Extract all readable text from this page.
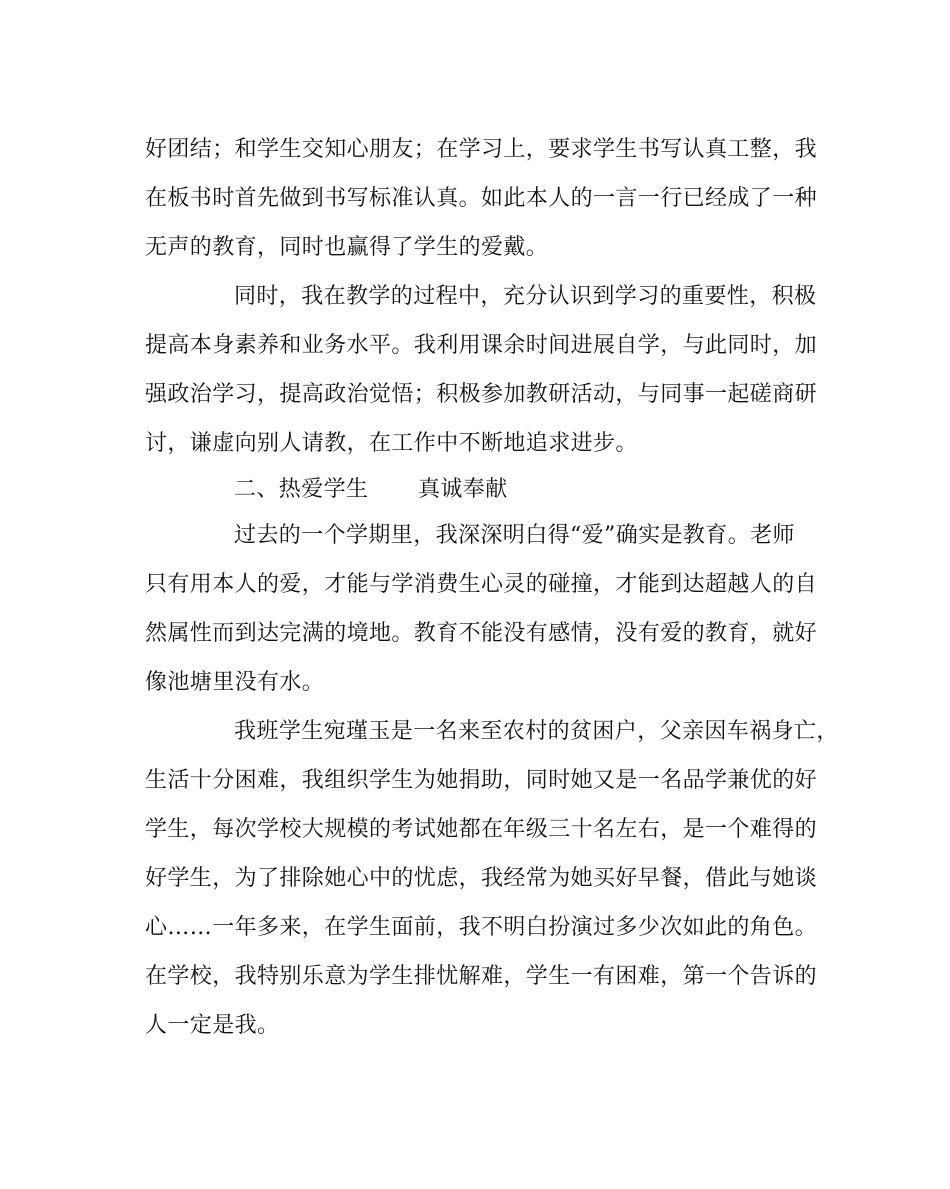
好团结；和学生交知心朋友；在学习上，要求学生书写认真工整，我
在板书时首先做到书写标准认真。如此本人的一言一行已经成了一种
无声的教育，同时也赢得了学生的爱戴。
同时，我在教学的过程中，充分认识到学习的重要性，积极
提高本身素养和业务水平。我利用课余时间进展自学，与此同时，加
强政治学习，提高政治觉悟；积极参加教研活动，与同事一起磋商研
讨，谦虚向别人请教，在工作中不断地追求进步。
二、热爱学生 真诚奉献
过去的一个学期里，我深深明白得“爱”确实是教育。老师
只有用本人的爱，才能与学消费生心灵的碰撞，才能到达超越人的自
然属性而到达完满的境地。教育不能没有感情，没有爱的教育，就好
像池塘里没有水。
我班学生宛瑾玉是一名来至农村的贫困户，父亲因车祸身亡，
生活十分困难，我组织学生为她捐助，同时她又是一名品学兼优的好
学生，每次学校大规模的考试她都在年级三十名左右，是一个难得的
好学生，为了排除她心中的忧虑，我经常为她买好早餐，借此与她谈
心……一年多来，在学生面前，我不明白扮演过多少次如此的角色。
在学校，我特别乐意为学生排忧解难，学生一有困难，第一个告诉的
人一定是我。
